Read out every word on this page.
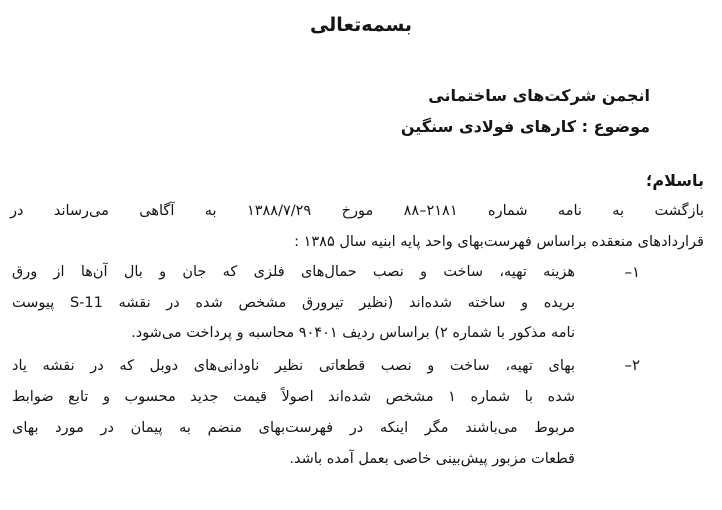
بسمه‌تعالی
انجمن شرکت‌های ساختمانی
موضوع : کارهای فولادی سنگین
باسلام؛
بازگشت به نامه شماره ۲۱۸۱–۸۸ مورخ ۱۳۸۸/۷/۲۹ به آگاهی می‌رساند در
قراردادهای منعقده براساس فهرست‌بهای واحد پایه ابنیه سال ۱۳۸۵ :
۱–
هزینه تهیه، ساخت و نصب حمال‌های فلزی که جان و بال آن‌ها از ورق
بریده و ساخته شده‌اند (نظیر تیرورق مشخص شده در نقشه S-11 پیوست
نامه مذکور با شماره ۲) براساس ردیف ۹۰۴۰۱ محاسبه و پرداخت می‌شود.
۲–
بهای تهیه، ساخت و نصب قطعاتی نظیر ناودانی‌های دوبل که در نقشه یاد
شده با شماره ۱ مشخص شده‌اند اصولاً قیمت جدید محسوب و تابع ضوابط
مربوط می‌باشند مگر اینکه در فهرست‌بهای منضم به پیمان در مورد بهای
قطعات مزبور پیش‌بینی خاصی بعمل آمده باشد.
